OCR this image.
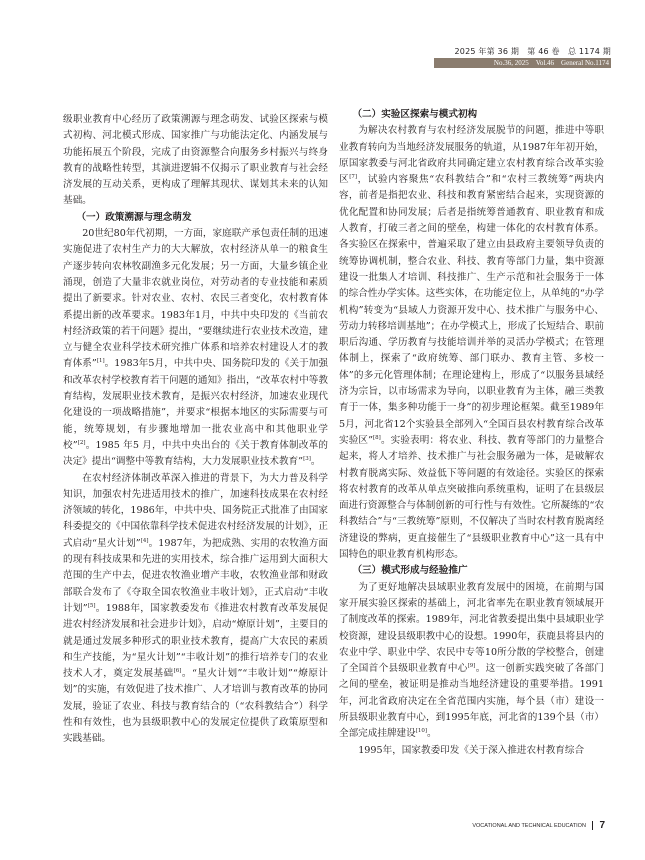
2025 年第 36 期　第 46 卷　总 1174 期
No.36, 2025　Vol.46　General No.1174

级职业教育中心经历了政策溯源与理念萌发、试验区探索与模式初构、河北模式形成、国家推广与功能法定化、内涵发展与功能拓展五个阶段，完成了由资源整合向服务乡村振兴与终身教育的战略性转型，其演进逻辑不仅揭示了职业教育与社会经济发展的互动关系，更构成了理解其现状、谋划其未来的认知基础。

（一）政策溯源与理念萌发

20世纪80年代初期，一方面，家庭联产承包责任制的迅速实施促进了农村生产力的大大解放，农村经济从单一的粮食生产逐步转向农林牧副渔多元化发展；另一方面，大量乡镇企业涌现，创造了大量非农就业岗位，对劳动者的专业技能和素质提出了新要求。针对农业、农村、农民三者变化，农村教育体系提出新的改革要求。1983年1月，中共中央印发的《当前农村经济政策的若干问题》提出，“要继续进行农业技术改造，建立与健全农业科学技术研究推广体系和培养农村建设人才的教育体系”[1]。1983年5月，中共中央、国务院印发的《关于加强和改革农村学校教育若干问题的通知》指出，“改革农村中等教育结构，发展职业技术教育，是振兴农村经济，加速农业现代化建设的一项战略措施”，并要求“根据本地区的实际需要与可能，统筹规划，有步骤地增加一批农业高中和其他职业学校”[2]。1985 年5 月，中共中央出台的《关于教育体制改革的决定》提出“调整中等教育结构，大力发展职业技术教育”[3]。

在农村经济体制改革深入推进的背景下，为大力普及科学知识，加强农村先进适用技术的推广，加速科技成果在农村经济领域的转化，1986年，中共中央、国务院正式批准了由国家科委提交的《中国依靠科学技术促进农村经济发展的计划》，正式启动“星火计划”[4]。1987年，为把成熟、实用的农牧渔方面的现有科技成果和先进的实用技术，综合推广运用到大面积大范围的生产中去，促进农牧渔业增产丰收，农牧渔业部和财政部联合发布了《夺取全国农牧渔业丰收计划》，正式启动“丰收计划”[5]。1988年，国家教委发布《推进农村教育改革发展促进农村经济发展和社会进步计划》，启动“燎原计划”，主要目的就是通过发展多种形式的职业技术教育，提高广大农民的素质和生产技能，为“星火计划”“丰收计划”的推行培养专门的农业技术人才，奠定发展基础[6]。“星火计划”“丰收计划”“燎原计划”的实施，有效促进了技术推广、人才培训与教育改革的协同发展，验证了农业、科技与教育结合的（“农科教结合”）科学性和有效性，也为县级职教中心的发展定位提供了政策原型和实践基础。

（二）实验区探索与模式初构

为解决农村教育与农村经济发展脱节的问题，推进中等职业教育转向为当地经济发展服务的轨道，从1987年年初开始，原国家教委与河北省政府共同确定建立农村教育综合改革实验区[7]，试验内容聚焦“农科教结合”和“农村三教统筹”两块内容，前者是指把农业、科技和教育紧密结合起来，实现资源的优化配置和协同发展；后者是指统筹普通教育、职业教育和成人教育，打破三者之间的壁垒，构建一体化的农村教育体系。各实验区在探索中，普遍采取了建立由县政府主要领导负责的统筹协调机制，整合农业、科技、教育等部门力量，集中资源建设一批集人才培训、科技推广、生产示范和社会服务于一体的综合性办学实体。这些实体，在功能定位上，从单纯的“办学机构”转变为“县域人力资源开发中心、技术推广与服务中心、劳动力转移培训基地”；在办学模式上，形成了长短结合、职前职后沟通、学历教育与技能培训并举的灵活办学模式；在管理体制上，探索了“政府统筹、部门联办、教育主管、多校一体”的多元化管理体制；在理论建构上，形成了“以服务县域经济为宗旨，以市场需求为导向，以职业教育为主体，融三类教育于一体，集多种功能于一身”的初步理论框架。截至1989年5月，河北省12个实验县全部列入“全国百县农村教育综合改革实验区”[8]。实验表明：将农业、科技、教育等部门的力量整合起来，将人才培养、技术推广与社会服务融为一体，是破解农村教育脱离实际、效益低下等问题的有效途径。实验区的探索将农村教育的改革从单点突破推向系统重构，证明了在县级层面进行资源整合与体制创新的可行性与有效性。它所凝练的“农科教结合”与“三教统筹”原则，不仅解决了当时农村教育脱离经济建设的弊病，更直接催生了“县级职业教育中心”这一具有中国特色的职业教育机构形态。

（三）模式形成与经验推广

为了更好地解决县域职业教育发展中的困境，在前期与国家开展实验区探索的基础上，河北省率先在职业教育领域展开了制度改革的探索。1989年，河北省教委提出集中县域职业学校资源，建设县级职教中心的设想。1990年，获鹿县将县内的农业中学、职业中学、农民中专等10所分散的学校整合，创建了全国首个县级职业教育中心[9]。这一创新实践突破了各部门之间的壁垒，被证明是推动当地经济建设的重要举措。1991年，河北省政府决定在全省范围内实施，每个县（市）建设一所县级职业教育中心，到1995年底，河北省的139个县（市）全部完成挂牌建设[10]。

1995年，国家教委印发《关于深入推进农村教育综合

VOCATIONAL AND TECHNICAL EDUCATION 7
